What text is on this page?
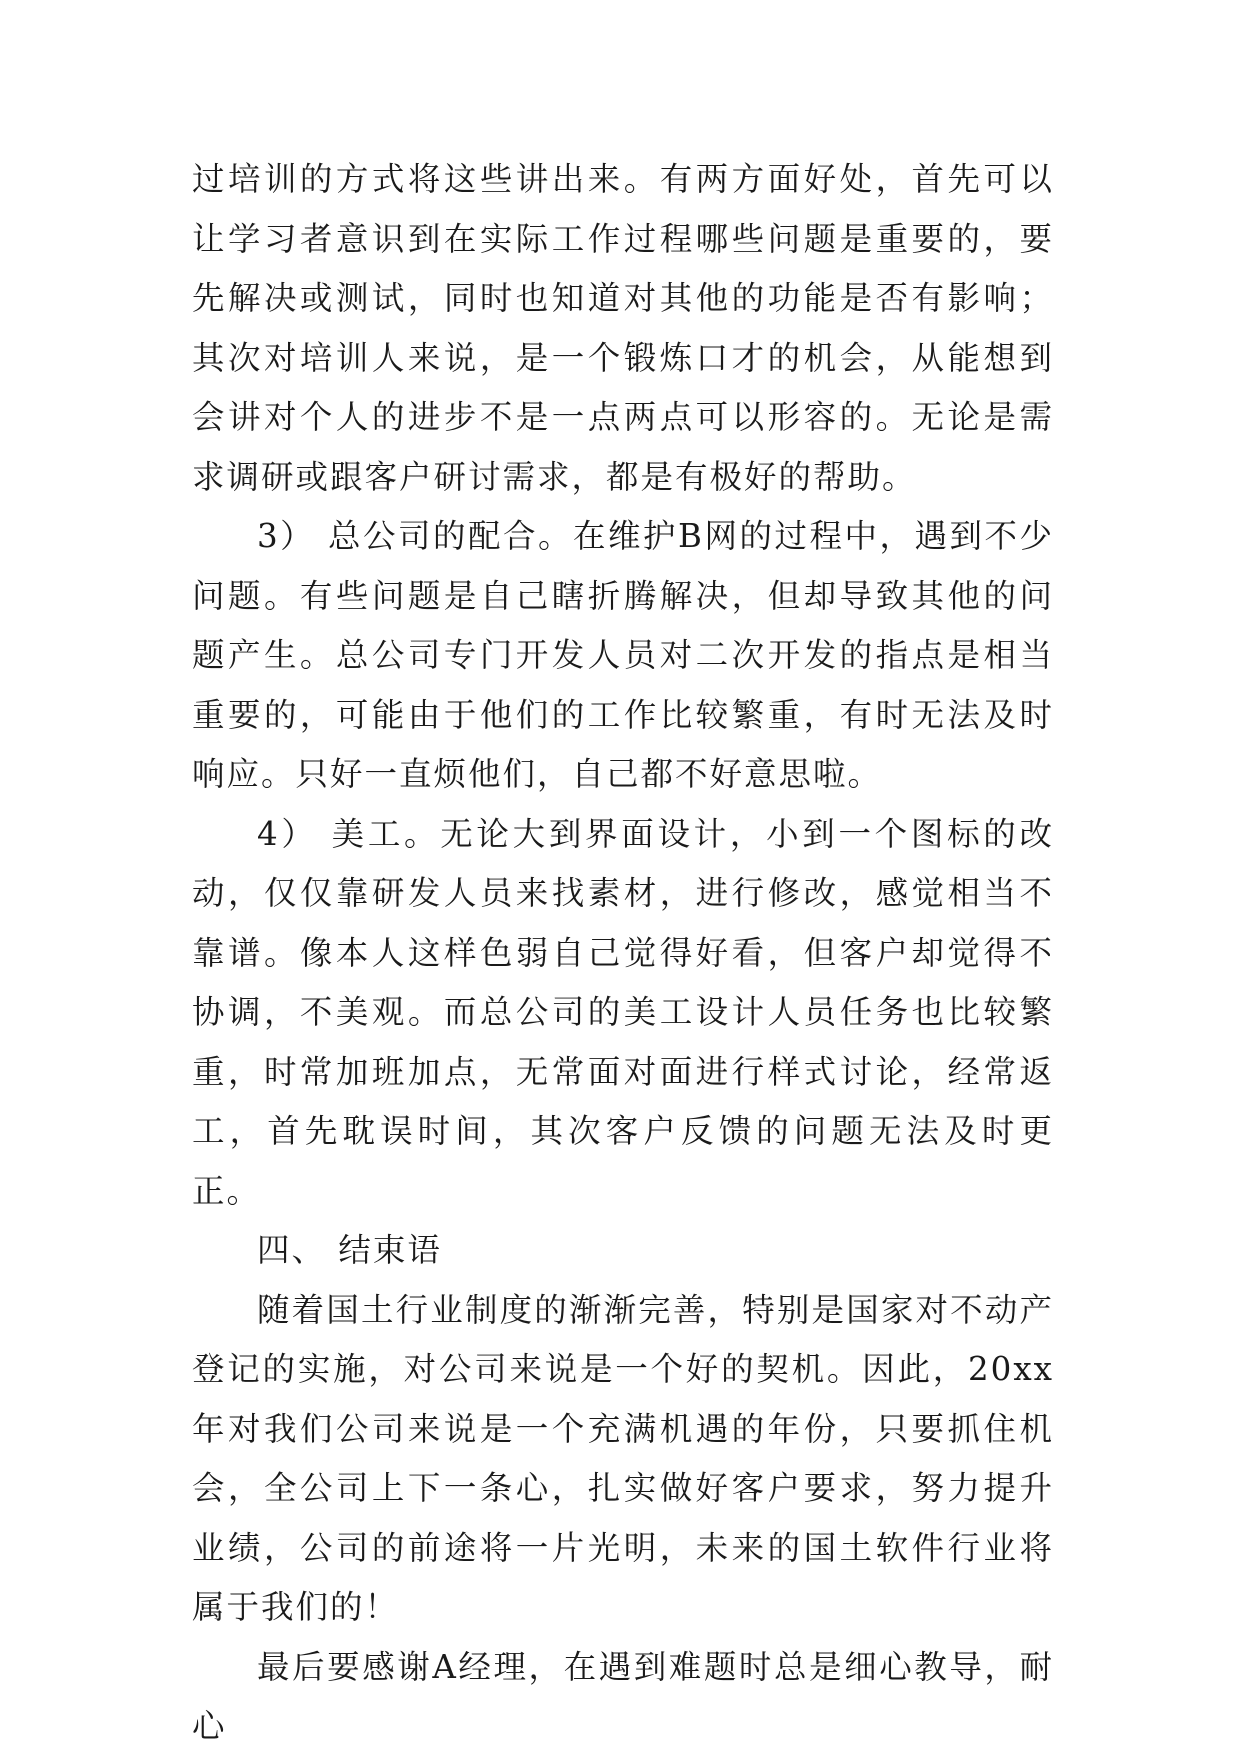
过培训的方式将这些讲出来。有两方面好处，首先可以让学习者意识到在实际工作过程哪些问题是重要的，要先解决或测试，同时也知道对其他的功能是否有影响；其次对培训人来说，是一个锻炼口才的机会，从能想到会讲对个人的进步不是一点两点可以形容的。无论是需求调研或跟客户研讨需求，都是有极好的帮助。

3） 总公司的配合。在维护B网的过程中，遇到不少问题。有些问题是自己瞎折腾解决，但却导致其他的问题产生。总公司专门开发人员对二次开发的指点是相当重要的，可能由于他们的工作比较繁重，有时无法及时响应。只好一直烦他们，自己都不好意思啦。

4） 美工。无论大到界面设计，小到一个图标的改动，仅仅靠研发人员来找素材，进行修改，感觉相当不靠谱。像本人这样色弱自己觉得好看，但客户却觉得不协调，不美观。而总公司的美工设计人员任务也比较繁重，时常加班加点，无常面对面进行样式讨论，经常返工，首先耽误时间，其次客户反馈的问题无法及时更正。

四、 结束语

随着国土行业制度的渐渐完善，特别是国家对不动产登记的实施，对公司来说是一个好的契机。因此，20xx年对我们公司来说是一个充满机遇的年份，只要抓住机会，全公司上下一条心，扎实做好客户要求，努力提升业绩，公司的前途将一片光明，未来的国土软件行业将属于我们的！

最后要感谢A经理，在遇到难题时总是细心教导，耐心
